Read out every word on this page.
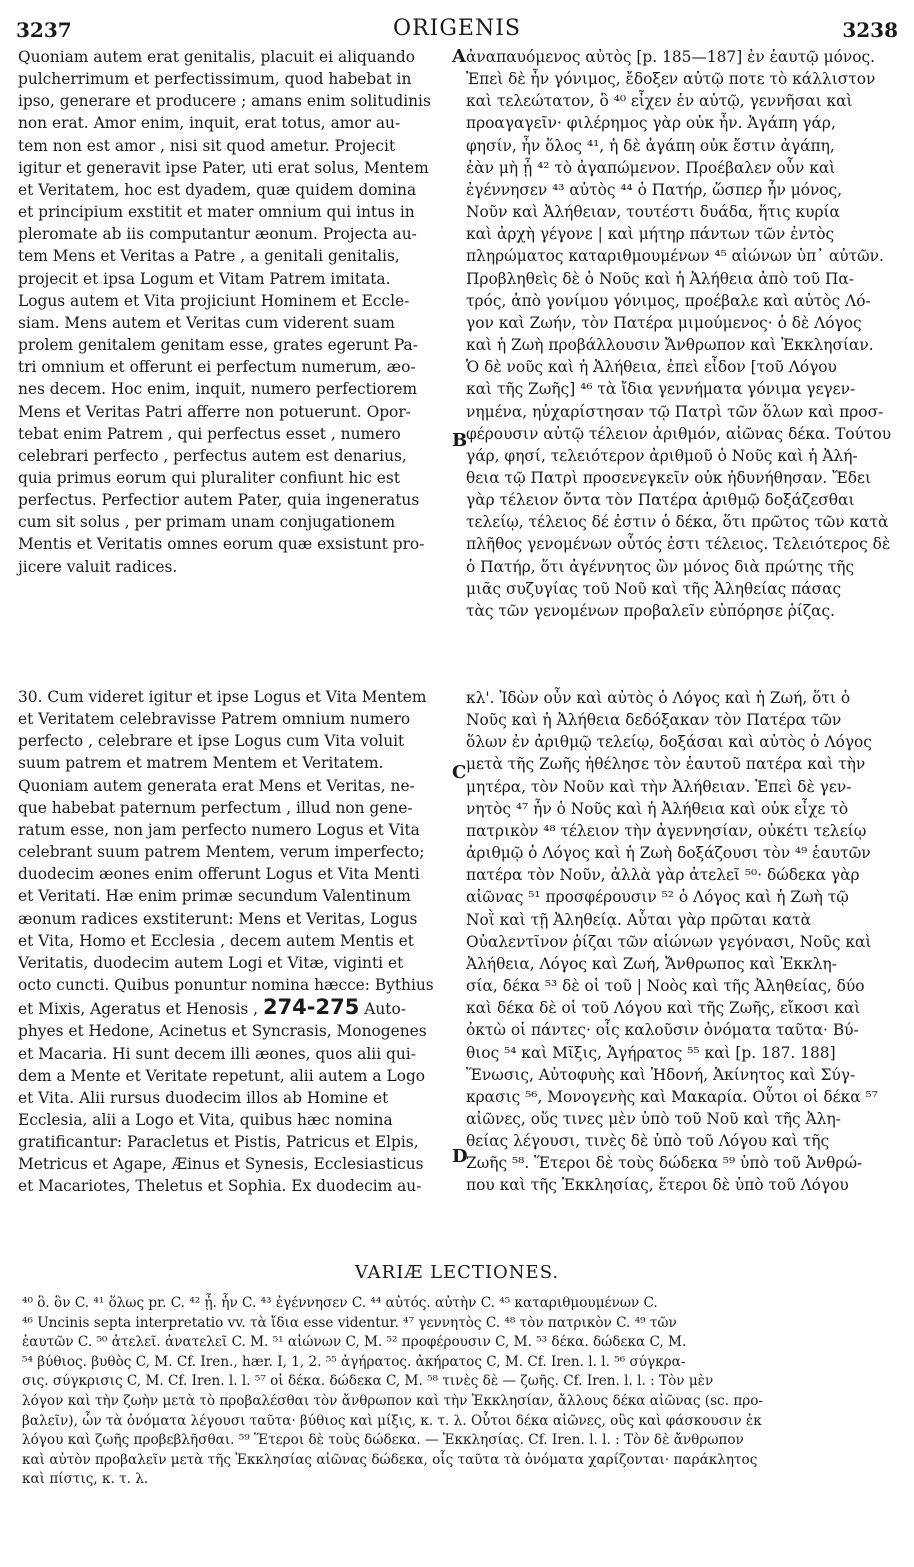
3237	ORIGENIS	3238
Quoniam autem erat genitalis, placuit ei aliquando
pulcherrimum et perfectissimum, quod habebat in
ipso, generare et producere ; amans enim solitudinis
non erat. Amor enim, inquit, erat totus, amor au-
tem non est amor , nisi sit quod ametur. Projecit
igitur et generavit ipse Pater, uti erat solus, Mentem
et Veritatem, hoc est dyadem, quæ quidem domina
et principium exstitit et mater omnium qui intus in
pleromate ab iis computantur æonum. Projecta au-
tem Mens et Veritas a Patre , a genitali genitalis,
projecit et ipsa Logum et Vitam Patrem imitata.
Logus autem et Vita projiciunt Hominem et Eccle-
siam. Mens autem et Veritas cum viderent suam
prolem genitalem genitam esse, grates egerunt Pa-
tri omnium et offerunt ei perfectum numerum, æo-
nes decem. Hoc enim, inquit, numero perfectiorem
Mens et Veritas Patri afferre non potuerunt. Opor-
tebat enim Patrem , qui perfectus esset , numero
celebrari perfecto , perfectus autem est denarius,
quia primus eorum qui pluraliter confiunt hic est
perfectus. Perfectior autem Pater, quia ingeneratus
cum sit solus , per primam unam conjugationem
Mentis et Veritatis omnes eorum quæ exsistunt pro-
jicere valuit radices.
ἀναπαυόμενος αὐτὸς [p. 185—187] ἐν ἑαυτῷ μόνος.
Ἐπεὶ δὲ ἦν γόνιμος, ἔδοξεν αὐτῷ ποτε τὸ κάλλιστον
καὶ τελεώτατον, ὃ ⁴⁰ εἶχεν ἐν αὐτῷ, γεννῆσαι καὶ
προαγαγεῖν· φιλέρημος γὰρ οὐκ ἦν. Ἀγάπη γάρ,
φησίν, ἦν ὅλος ⁴¹, ἡ δὲ ἀγάπη οὐκ ἔστιν ἀγάπη,
ἐὰν μὴ ᾖ ⁴² τὸ ἀγαπώμενον. Προέβαλεν οὖν καὶ
ἐγέννησεν ⁴³ αὐτὸς ⁴⁴ ὁ Πατήρ, ὥσπερ ἦν μόνος,
Νοῦν καὶ Ἀλήθειαν, τουτέστι δυάδα, ἥτις κυρία
καὶ ἀρχὴ γέγονε | καὶ μήτηρ πάντων τῶν ἐντὸς
πληρώματος καταριθμουμένων ⁴⁵ αἰώνων ὑπ᾽ αὐτῶν.
Προβληθεὶς δὲ ὁ Νοῦς καὶ ἡ Ἀλήθεια ἀπὸ τοῦ Πα-
τρός, ἀπὸ γονίμου γόνιμος, προέβαλε καὶ αὐτὸς Λό-
γον καὶ Ζωήν, τὸν Πατέρα μιμούμενος· ὁ δὲ Λόγος
καὶ ἡ Ζωὴ προβάλλουσιν Ἄνθρωπον καὶ Ἐκκλησίαν.
Ὁ δὲ νοῦς καὶ ἡ Ἀλήθεια, ἐπεὶ εἶδον [τοῦ Λόγου
καὶ τῆς Ζωῆς] ⁴⁶ τὰ ἴδια γεννήματα γόνιμα γεγεν-
νημένα, ηὐχαρίστησαν τῷ Πατρὶ τῶν ὅλων καὶ προσ-
φέρουσιν αὐτῷ τέλειον ἀριθμόν, αἰῶνας δέκα. Τούτου
γάρ, φησί, τελειότερον ἀριθμοῦ ὁ Νοῦς καὶ ἡ Ἀλή-
θεια τῷ Πατρὶ προσενεγκεῖν οὐκ ἠδυνήθησαν. Ἔδει
γὰρ τέλειον ὄντα τὸν Πατέρα ἀριθμῷ δοξάζεσθαι
τελείῳ, τέλειος δέ ἐστιν ὁ δέκα, ὅτι πρῶτος τῶν κατὰ
πλῆθος γενομένων οὗτός ἐστι τέλειος. Τελειότερος δὲ
ὁ Πατήρ, ὅτι ἀγέννητος ὢν μόνος διὰ πρώτης τῆς
μιᾶς συζυγίας τοῦ Νοῦ καὶ τῆς Ἀληθείας πάσας
τὰς τῶν γενομένων προβαλεῖν εὐπόρησε ῥίζας.
30. Cum videret igitur et ipse Logus et Vita Mentem
et Veritatem celebravisse Patrem omnium numero
perfecto , celebrare et ipse Logus cum Vita voluit
suum patrem et matrem Mentem et Veritatem.
Quoniam autem generata erat Mens et Veritas, ne-
que habebat paternum perfectum , illud non gene-
ratum esse, non jam perfecto numero Logus et Vita
celebrant suum patrem Mentem, verum imperfecto;
duodecim æones enim offerunt Logus et Vita Menti
et Veritati. Hæ enim primæ secundum Valentinum
æonum radices exstiterunt: Mens et Veritas, Logus
et Vita, Homo et Ecclesia , decem autem Mentis et
Veritatis, duodecim autem Logi et Vitæ, viginti et
octo cuncti. Quibus ponuntur nomina hæcce: Bythius
et Mixis, Ageratus et Henosis , 274-275 Auto-
phyes et Hedone, Acinetus et Syncrasis, Monogenes
et Macaria. Hi sunt decem illi æones, quos alii qui-
dem a Mente et Veritate repetunt, alii autem a Logo
et Vita. Alii rursus duodecim illos ab Homine et
Ecclesia, alii a Logo et Vita, quibus hæc nomina
gratificantur: Paracletus et Pistis, Patricus et Elpis,
Metricus et Agape, Æinus et Synesis, Ecclesiasticus
et Macariotes, Theletus et Sophia. Ex duodecim au-
κλ'. Ἰδὼν οὖν καὶ αὐτὸς ὁ Λόγος καὶ ἡ Ζωή, ὅτι ὁ
Νοῦς καὶ ἡ Ἀλήθεια δεδόξακαν τὸν Πατέρα τῶν
ὅλων ἐν ἀριθμῷ τελείῳ, δοξάσαι καὶ αὐτὸς ὁ Λόγος
μετὰ τῆς Ζωῆς ἠθέλησε τὸν ἑαυτοῦ πατέρα καὶ τὴν
μητέρα, τὸν Νοῦν καὶ τὴν Ἀλήθειαν. Ἐπεὶ δὲ γεν-
νητὸς ⁴⁷ ἦν ὁ Νοῦς καὶ ἡ Ἀλήθεια καὶ οὐκ εἶχε τὸ
πατρικὸν ⁴⁸ τέλειον τὴν ἀγεννησίαν, οὐκέτι τελείῳ
ἀριθμῷ ὁ Λόγος καὶ ἡ Ζωὴ δοξάζουσι τὸν ⁴⁹ ἑαυτῶν
πατέρα τὸν Νοῦν, ἀλλὰ γὰρ ἀτελεῖ ⁵⁰· δώδεκα γὰρ
αἰῶνας ⁵¹ προσφέρουσιν ⁵² ὁ Λόγος καὶ ἡ Ζωὴ τῷ
Νοῒ καὶ τῇ Ἀληθείᾳ. Αὗται γὰρ πρῶται κατὰ
Οὐαλεντῖνον ῥίζαι τῶν αἰώνων γεγόνασι, Νοῦς καὶ
Ἀλήθεια, Λόγος καὶ Ζωή, Ἄνθρωπος καὶ Ἐκκλη-
σία, δέκα ⁵³ δὲ οἱ τοῦ | Νοὸς καὶ τῆς Ἀληθείας, δύο
καὶ δέκα δὲ οἱ τοῦ Λόγου καὶ τῆς Ζωῆς, εἴκοσι καὶ
ὀκτὼ οἱ πάντες· οἷς καλοῦσιν ὀνόματα ταῦτα· Βύ-
θιος ⁵⁴ καὶ Μῖξις, Ἀγήρατος ⁵⁵ καὶ [p. 187. 188]
Ἕνωσις, Αὐτοφυὴς καὶ Ἡδονή, Ἀκίνητος καὶ Σύγ-
κρασις ⁵⁶, Μονογενὴς καὶ Μακαρία. Οὗτοι οἱ δέκα ⁵⁷
αἰῶνες, οὕς τινες μὲν ὑπὸ τοῦ Νοῦ καὶ τῆς Ἀλη-
θείας λέγουσι, τινὲς δὲ ὑπὸ τοῦ Λόγου καὶ τῆς
Ζωῆς ⁵⁸. Ἕτεροι δὲ τοὺς δώδεκα ⁵⁹ ὑπὸ τοῦ Ἀνθρώ-
που καὶ τῆς Ἐκκλησίας, ἕτεροι δὲ ὑπὸ τοῦ Λόγου
A
B
C
D
VARIÆ LECTIONES.
⁴⁰ ὃ. ὃν C. ⁴¹ ὅλως pr. C. ⁴² ᾖ. ἦν C. ⁴³ ἐγέννησεν C. ⁴⁴ αὐτός. αὐτὴν C. ⁴⁵ καταριθμουμένων C.
⁴⁶ Uncinis septa interpretatio vv. τὰ ἴδια esse videntur. ⁴⁷ γεννητὸς C. ⁴⁸ τὸν πατρικὸν C. ⁴⁹ τῶν
ἑαυτῶν C. ⁵⁰ ἀτελεῖ. ἀνατελεῖ C. M. ⁵¹ αἰώνων C, M. ⁵² προφέρουσιν C, M. ⁵³ δέκα. δώδεκα C, M.
⁵⁴ βύθιος. βυθὸς C, M. Cf. Iren., hær. I, 1, 2. ⁵⁵ ἀγήρατος. ἀκήρατος C, M. Cf. Iren. l. l. ⁵⁶ σύγκρα-
σις. σύγκρισις C, M. Cf. Iren. l. l. ⁵⁷ οἱ δέκα. δώδεκα C, M. ⁵⁸ τινὲς δὲ — ζωῆς. Cf. Iren. l. l. : Τὸν μὲν
λόγον καὶ τὴν ζωὴν μετὰ τὸ προβαλέσθαι τὸν ἄνθρωπον καὶ τὴν Ἐκκλησίαν, ἄλλους δέκα αἰῶνας (sc. προ-
βαλεῖν), ὧν τὰ ὀνόματα λέγουσι ταῦτα· βύθιος καὶ μίξις, κ. τ. λ. Οὗτοι δέκα αἰῶνες, οὓς καὶ φάσκουσιν ἐκ
λόγου καὶ ζωῆς προβεβλῆσθαι. ⁵⁹ Ἕτεροι δὲ τοὺς δώδεκα. — Ἐκκλησίας. Cf. Iren. l. l. : Τὸν δὲ ἄνθρωπον
καὶ αὐτὸν προβαλεῖν μετὰ τῆς Ἐκκλησίας αἰῶνας δώδεκα, οἷς ταῦτα τὰ ὀνόματα χαρίζονται· παράκλητος
καὶ πίστις, κ. τ. λ.
